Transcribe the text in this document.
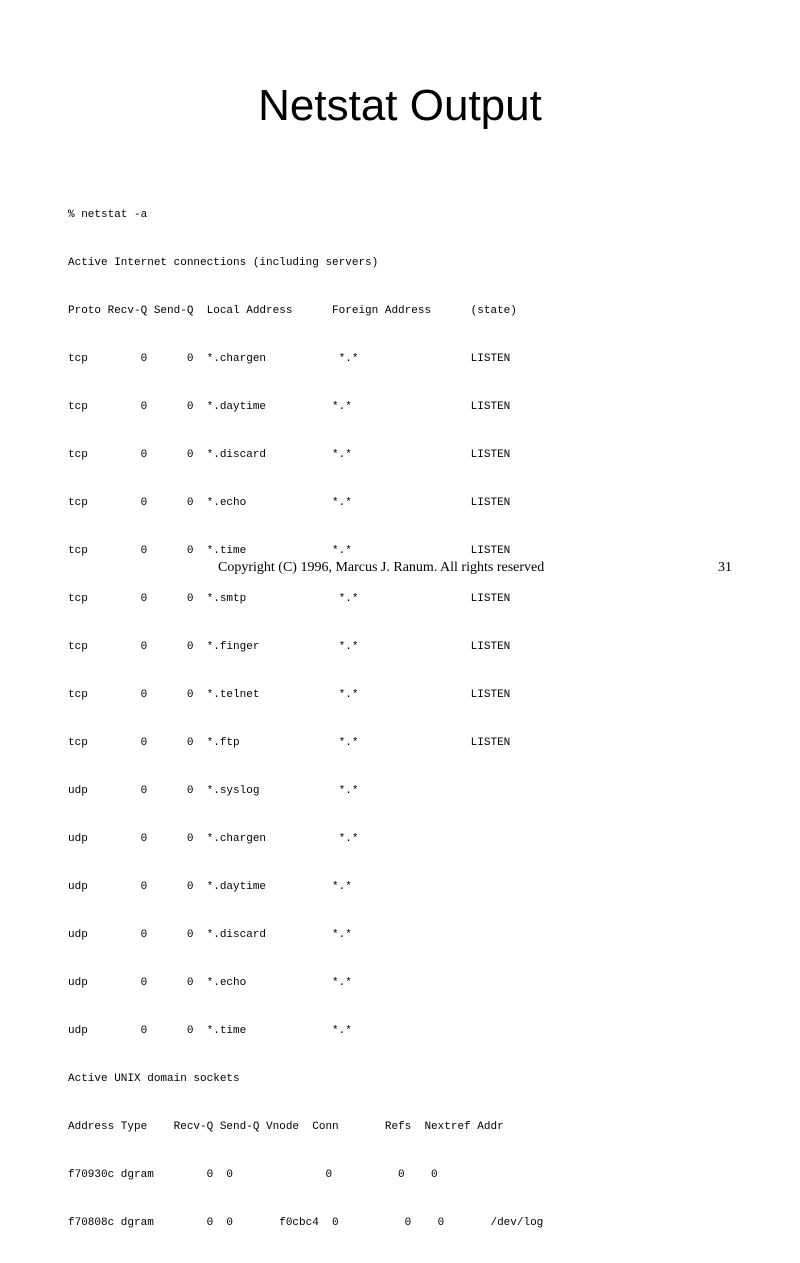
Netstat Output

% netstat -a

Active Internet connections (including servers)

Proto Recv-Q Send-Q  Local Address      Foreign Address      (state)

tcp        0      0  *.chargen           *.*                 LISTEN

tcp        0      0  *.daytime          *.*                  LISTEN

tcp        0      0  *.discard          *.*                  LISTEN

tcp        0      0  *.echo             *.*                  LISTEN

tcp        0      0  *.time             *.*                  LISTEN

tcp        0      0  *.smtp              *.*                 LISTEN

tcp        0      0  *.finger            *.*                 LISTEN

tcp        0      0  *.telnet            *.*                 LISTEN

tcp        0      0  *.ftp               *.*                 LISTEN

udp        0      0  *.syslog            *.*

udp        0      0  *.chargen           *.*

udp        0      0  *.daytime          *.*

udp        0      0  *.discard          *.*

udp        0      0  *.echo             *.*

udp        0      0  *.time             *.*

Active UNIX domain sockets

Address Type    Recv-Q Send-Q Vnode  Conn       Refs  Nextref Addr

f70930c dgram        0  0              0          0    0

f70808c dgram        0  0       f0cbc4  0          0    0       /dev/log

Copyright (C) 1996, Marcus J. Ranum. All rights reserved	31
